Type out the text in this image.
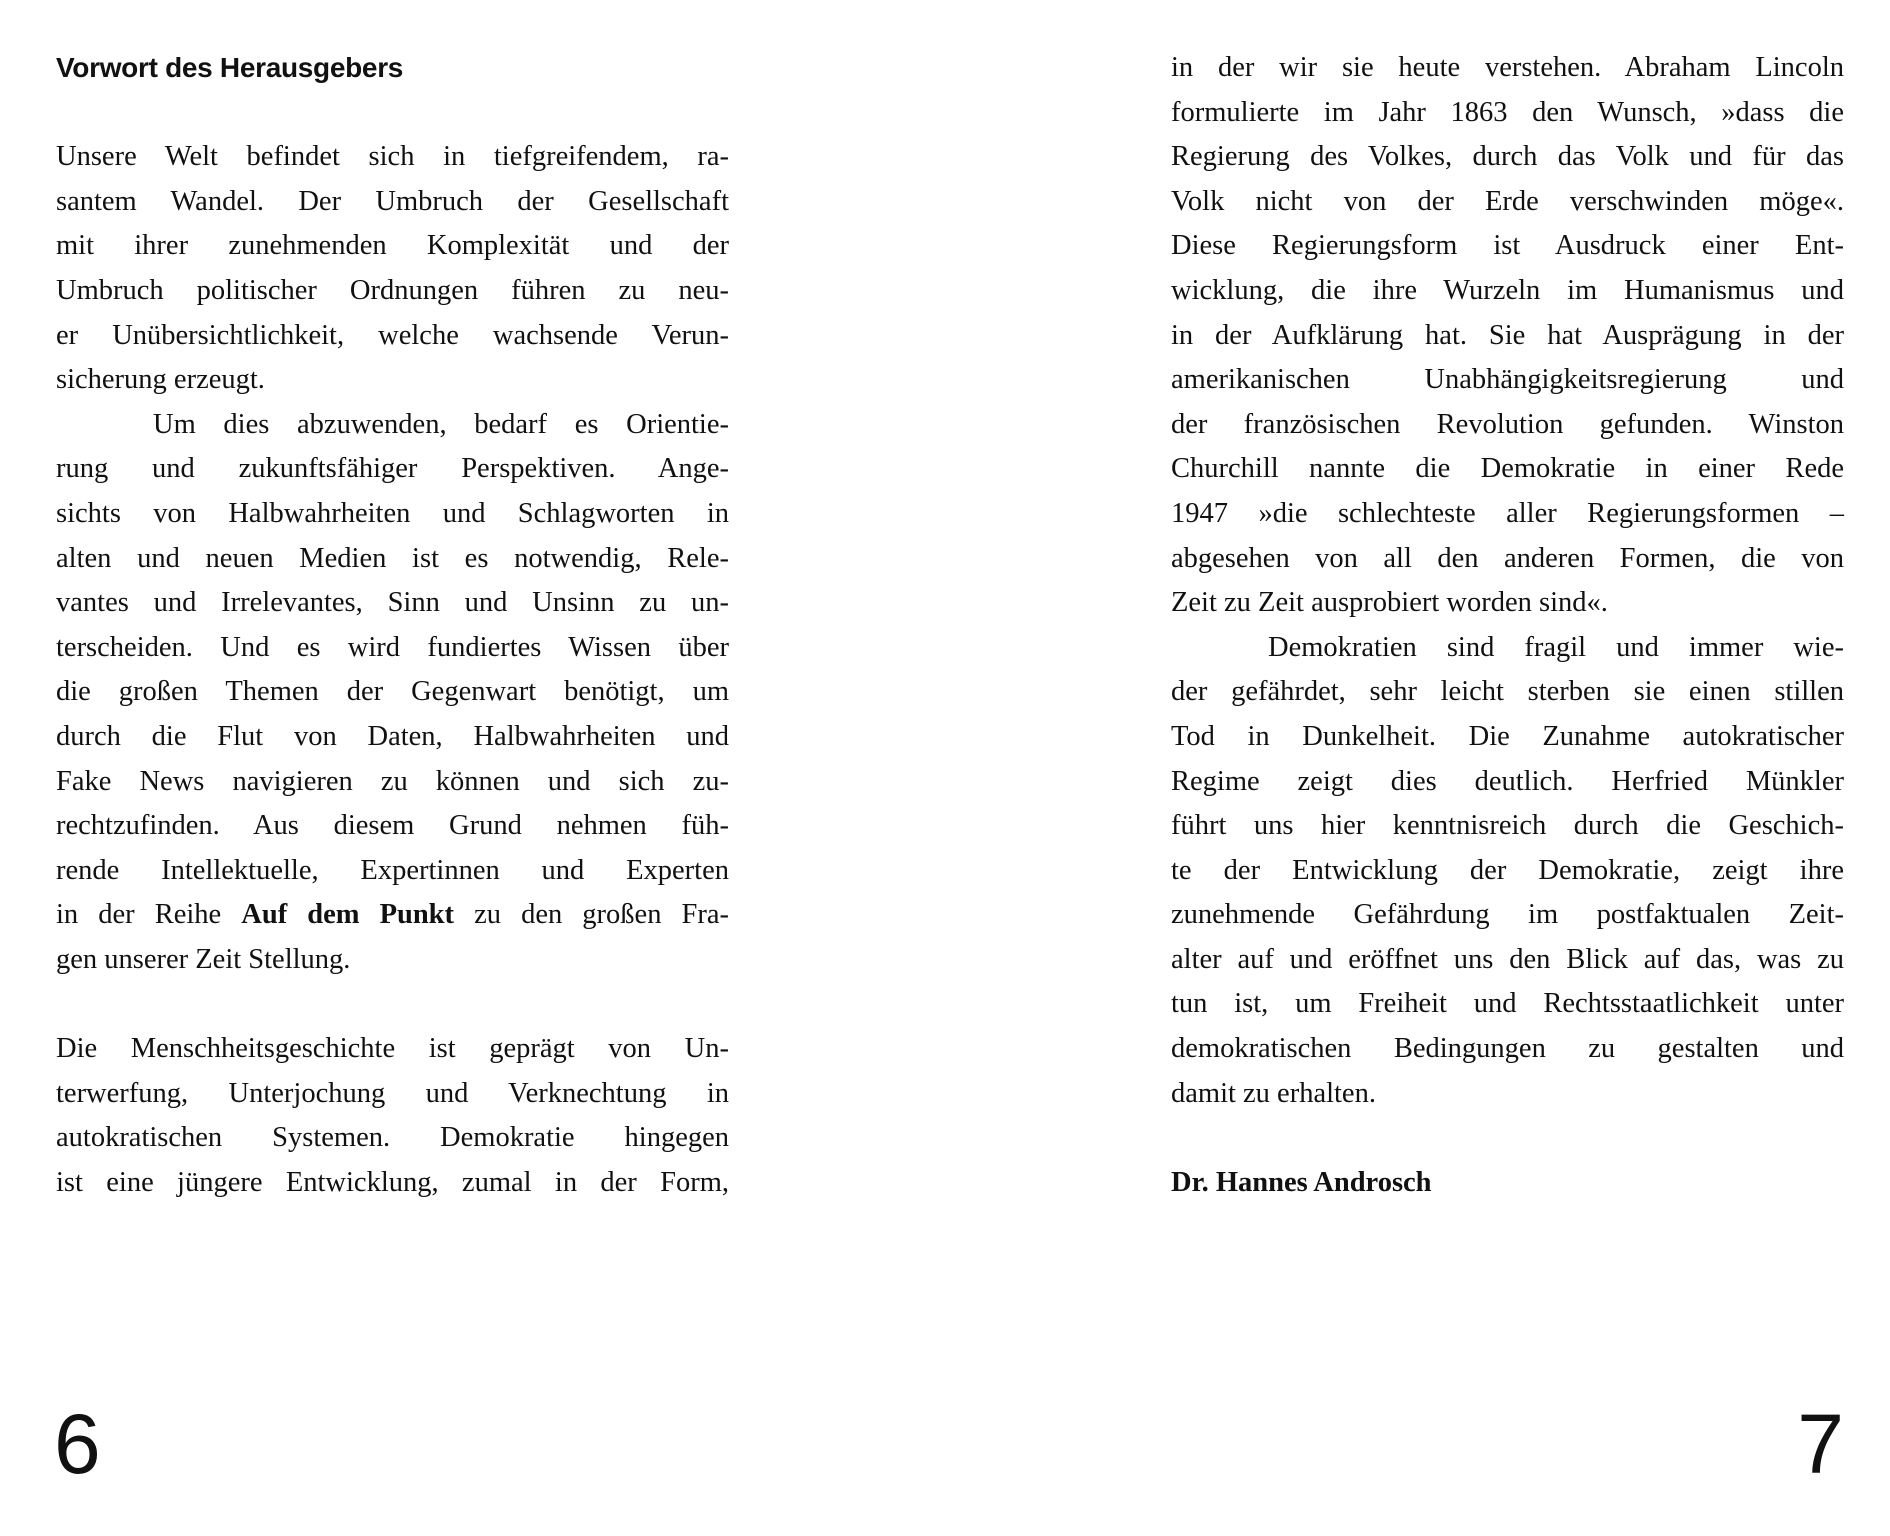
Vorwort des Herausgebers
Unsere Welt befindet sich in tiefgreifendem, ra-
santem Wandel. Der Umbruch der Gesellschaft
mit ihrer zunehmenden Komplexität und der
Umbruch politischer Ordnungen führen zu neu-
er Unübersichtlichkeit, welche wachsende Verun-
sicherung erzeugt.
Um dies abzuwenden, bedarf es Orientie-
rung und zukunftsfähiger Perspektiven. Ange-
sichts von Halbwahrheiten und Schlagworten in
alten und neuen Medien ist es notwendig, Rele-
vantes und Irrelevantes, Sinn und Unsinn zu un-
terscheiden. Und es wird fundiertes Wissen über
die großen Themen der Gegenwart benötigt, um
durch die Flut von Daten, Halbwahrheiten und
Fake News navigieren zu können und sich zu-
rechtzufinden. Aus diesem Grund nehmen füh-
rende Intellektuelle, Expertinnen und Experten
in der Reihe Auf dem Punkt zu den großen Fra-
gen unserer Zeit Stellung.
Die Menschheitsgeschichte ist geprägt von Un-
terwerfung, Unterjochung und Verknechtung in
autokratischen Systemen. Demokratie hingegen
ist eine jüngere Entwicklung, zumal in der Form,
in der wir sie heute verstehen. Abraham Lincoln
formulierte im Jahr 1863 den Wunsch, »dass die
Regierung des Volkes, durch das Volk und für das
Volk nicht von der Erde verschwinden möge«.
Diese Regierungsform ist Ausdruck einer Ent-
wicklung, die ihre Wurzeln im Humanismus und
in der Aufklärung hat. Sie hat Ausprägung in der
amerikanischen Unabhängigkeitsregierung und
der französischen Revolution gefunden. Winston
Churchill nannte die Demokratie in einer Rede
1947 »die schlechteste aller Regierungsformen –
abgesehen von all den anderen Formen, die von
Zeit zu Zeit ausprobiert worden sind«.
Demokratien sind fragil und immer wie-
der gefährdet, sehr leicht sterben sie einen stillen
Tod in Dunkelheit. Die Zunahme autokratischer
Regime zeigt dies deutlich. Herfried Münkler
führt uns hier kenntnisreich durch die Geschich-
te der Entwicklung der Demokratie, zeigt ihre
zunehmende Gefährdung im postfaktualen Zeit-
alter auf und eröffnet uns den Blick auf das, was zu
tun ist, um Freiheit und Rechtsstaatlichkeit unter
demokratischen Bedingungen zu gestalten und
damit zu erhalten.
Dr. Hannes Androsch
6	7
